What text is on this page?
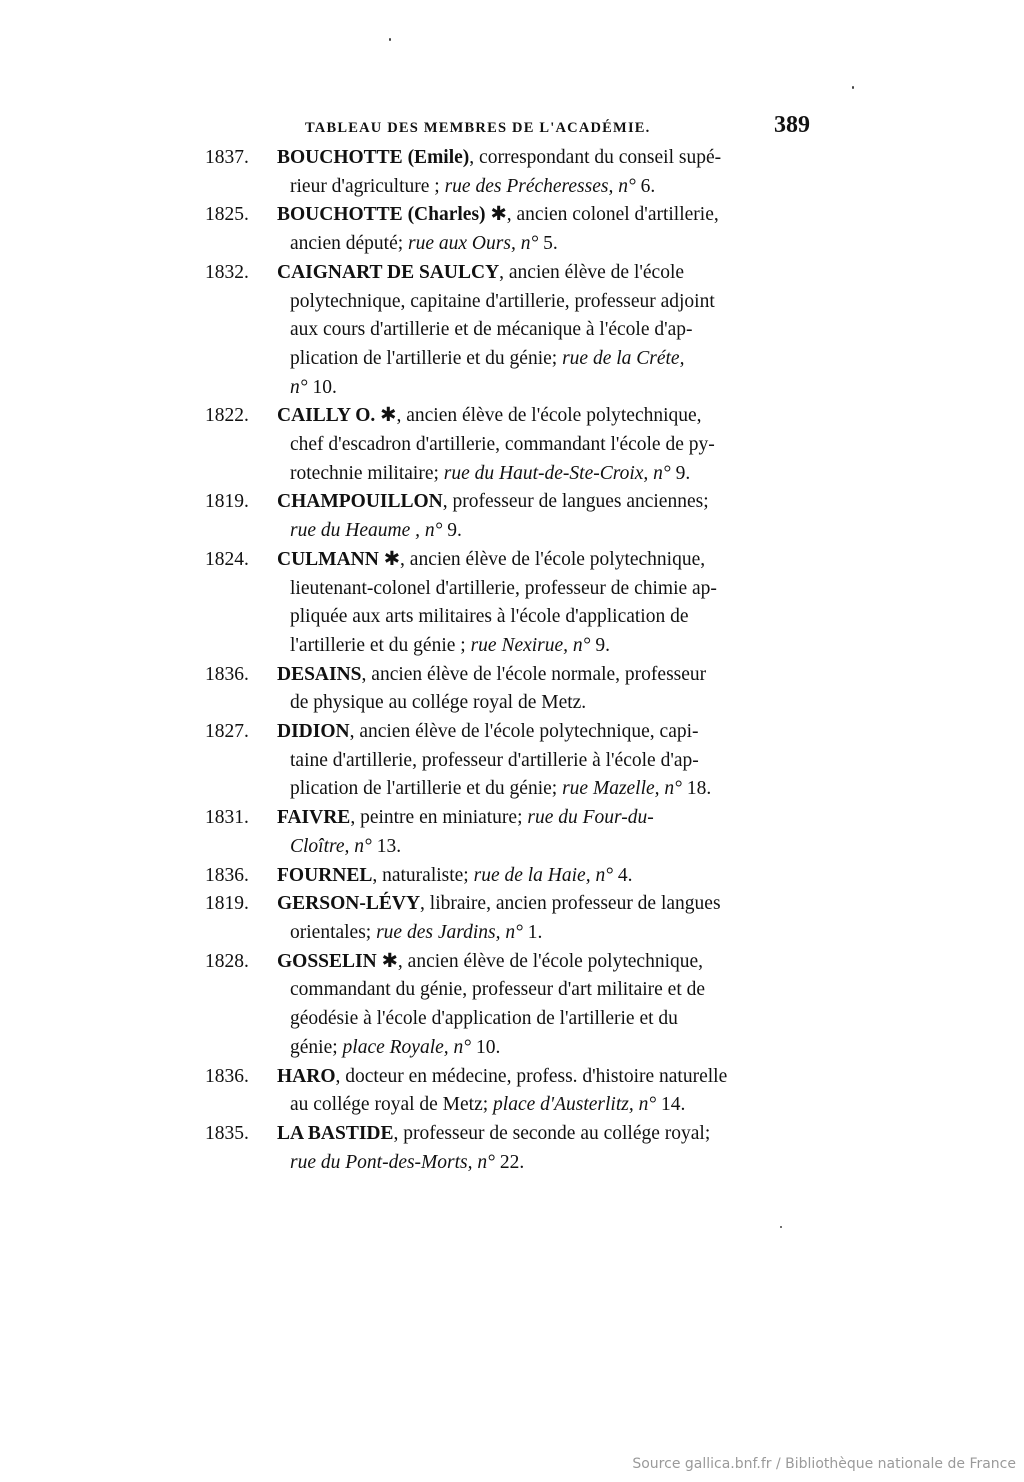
TABLEAU DES MEMBRES DE L'ACADÉMIE.	389

1837.	BOUCHOTTE (Emile), correspondant du conseil supé-

rieur d'agriculture ; rue des Précheresses, n° 6.

1825.	BOUCHOTTE (Charles) ✱, ancien colonel d'artillerie,

ancien député; rue aux Ours, n° 5.

1832.	CAIGNART DE SAULCY, ancien élève de l'école

polytechnique, capitaine d'artillerie, professeur adjoint

aux cours d'artillerie et de mécanique à l'école d'ap-

plication de l'artillerie et du génie; rue de la Créte,

n° 10.

1822.	CAILLY O. ✱, ancien élève de l'école polytechnique,

chef d'escadron d'artillerie, commandant l'école de py-

rotechnie militaire; rue du Haut-de-Ste-Croix, n° 9.

1819.	CHAMPOUILLON, professeur de langues anciennes;

rue du Heaume , n° 9.

1824.	CULMANN ✱, ancien élève de l'école polytechnique,

lieutenant-colonel d'artillerie, professeur de chimie ap-

pliquée aux arts militaires à l'école d'application de

l'artillerie et du génie ; rue Nexirue, n° 9.

1836.	DESAINS, ancien élève de l'école normale, professeur

de physique au collége royal de Metz.

1827.	DIDION, ancien élève de l'école polytechnique, capi-

taine d'artillerie, professeur d'artillerie à l'école d'ap-

plication de l'artillerie et du génie; rue Mazelle, n° 18.

1831.	FAIVRE, peintre en miniature; rue du Four-du-

Cloître, n° 13.

1836.	FOURNEL, naturaliste; rue de la Haie, n° 4.

1819.	GERSON-LÉVY, libraire, ancien professeur de langues

orientales; rue des Jardins, n° 1.

1828.	GOSSELIN ✱, ancien élève de l'école polytechnique,

commandant du génie, professeur d'art militaire et de

géodésie à l'école d'application de l'artillerie et du

génie; place Royale, n° 10.

1836.	HARO, docteur en médecine, profess. d'histoire naturelle

au collége royal de Metz; place d'Austerlitz, n° 14.

1835.	LA BASTIDE, professeur de seconde au collége royal;

rue du Pont-des-Morts, n° 22.

Source gallica.bnf.fr / Bibliothèque nationale de France
